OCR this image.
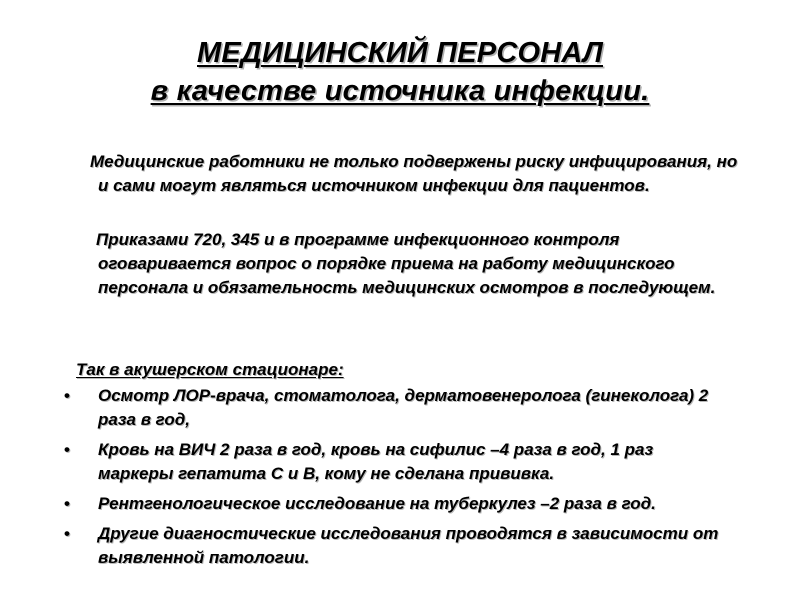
МЕДИЦИНСКИЙ ПЕРСОНАЛ
в качестве источника инфекции.

Медицинские работники не только подвержены риску инфицирования, но и сами могут являться источником инфекции для пациентов.

Приказами 720, 345 и в программе инфекционного контроля оговаривается вопрос о порядке приема на работу медицинского персонала и обязательность медицинских осмотров в последующем.

Так в акушерском стационаре:
• Осмотр ЛОР-врача, стоматолога, дерматовенеролога (гинеколога) 2 раза в год,
• Кровь на ВИЧ 2 раза в год, кровь на сифилис –4 раза в год, 1 раз маркеры гепатита С и В, кому не сделана прививка.
• Рентгенологическое исследование на туберкулез –2 раза в год.
• Другие диагностические исследования проводятся в зависимости от выявленной патологии.
